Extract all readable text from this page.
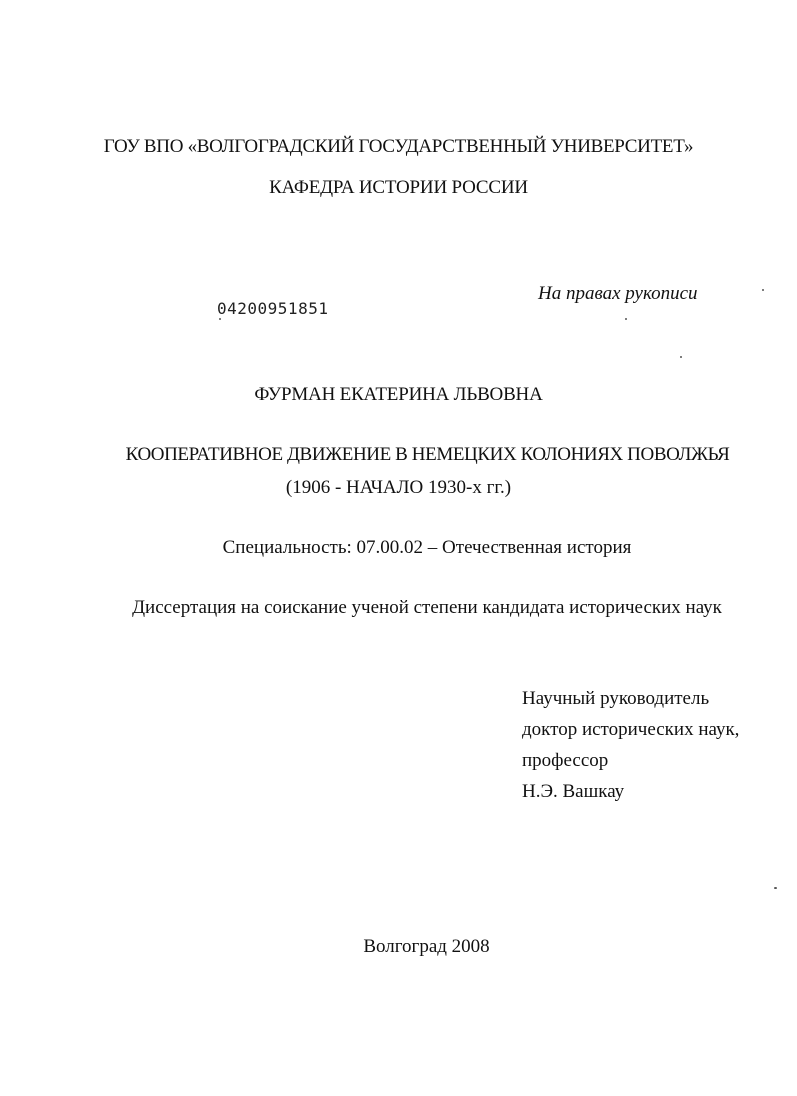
ГОУ ВПО «ВОЛГОГРАДСКИЙ ГОСУДАРСТВЕННЫЙ УНИВЕРСИТЕТ»
КАФЕДРА ИСТОРИИ РОССИИ
На правах рукописи
04200951851
ФУРМАН ЕКАТЕРИНА ЛЬВОВНА
КООПЕРАТИВНОЕ ДВИЖЕНИЕ В НЕМЕЦКИХ КОЛОНИЯХ ПОВОЛЖЬЯ
(1906 - НАЧАЛО 1930-х гг.)
Специальность: 07.00.02 – Отечественная история
Диссертация на соискание ученой степени кандидата исторических наук
Научный руководитель
доктор исторических наук,
профессор
Н.Э. Вашкау
Волгоград 2008
